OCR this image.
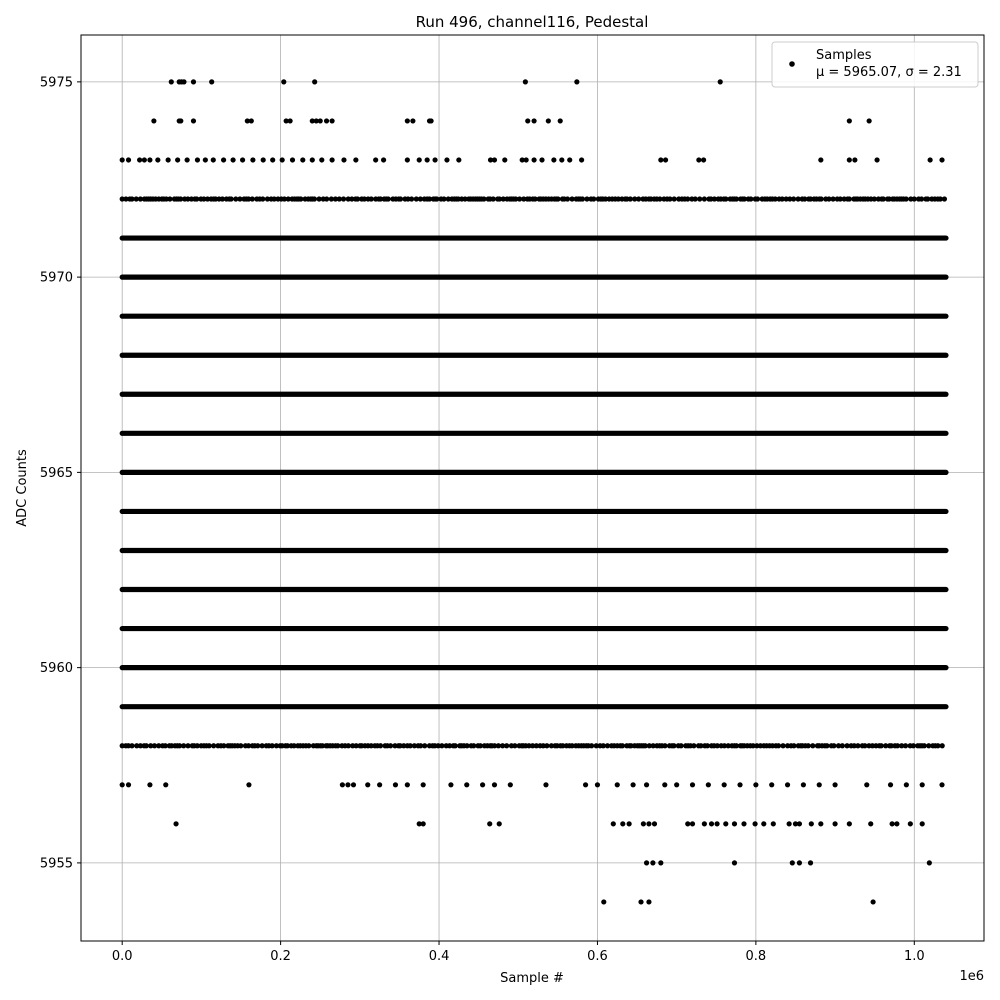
Run 496, channel116, Pedestal
0.0	0.2	0.4	0.6	0.8	1.0
5955
5960
5965
5970
5975
Sample #
ADC Counts
1e6
Samples
μ = 5965.07, σ = 2.31
